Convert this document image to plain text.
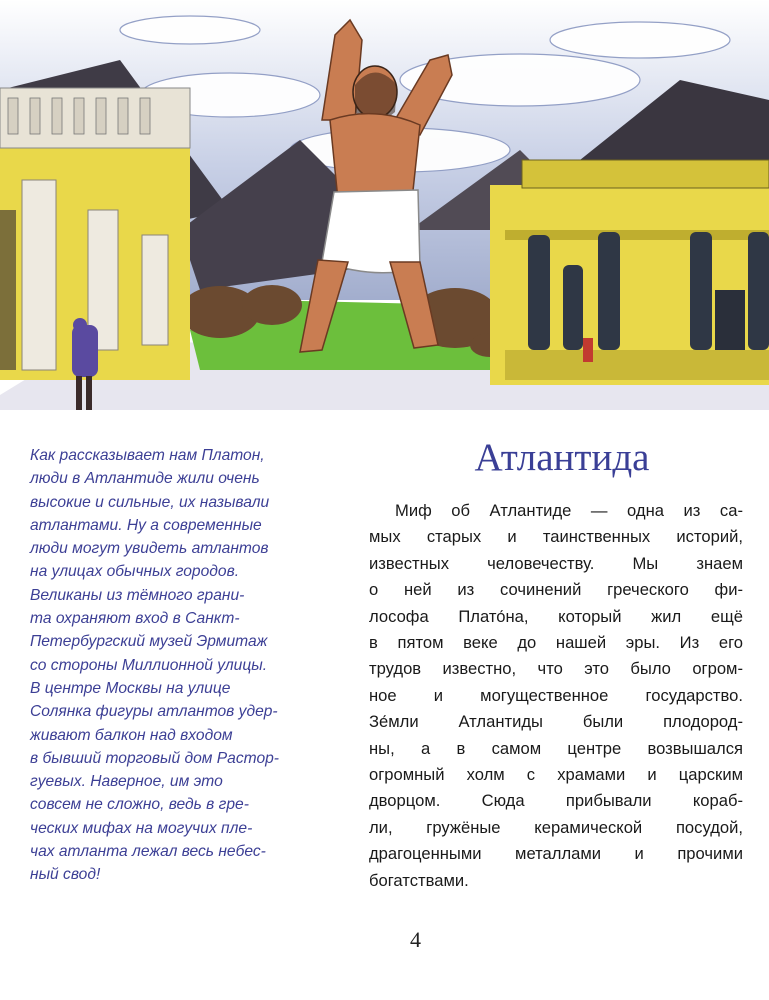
Как рассказывает нам Платон,
люди в Атлантиде жили очень
высокие и сильные, их называли
атлантами. Ну а современные
люди могут увидеть атлантов
на улицах обычных городов.
Великаны из тёмного грани-
та охраняют вход в Санкт-
Петербургский музей Эрмитаж
со стороны Миллионной улицы.
В центре Москвы на улице
Солянка фигуры атлантов удер-
живают балкон над входом
в бывший торговый дом Растор-
гуевых. Наверное, им это
совсем не сложно, ведь в гре-
ческих мифах на могучих пле-
чах атланта лежал весь небес-
ный свод!
Атлантида
Миф об Атлантиде — одна из са-
мых старых и таинственных историй,
известных человечеству. Мы знаем
о ней из сочинений греческого фи-
лософа Плато́на, который жил ещё
в пятом веке до нашей эры. Из его
трудов известно, что это было огром-
ное и могущественное государство.
Зе́мли Атлантиды были плодород-
ны, а в самом центре возвышался
огромный холм с храмами и царским
дворцом. Сюда прибывали кораб-
ли, гружёные керамической посудой,
драгоценными металлами и прочими
богатствами.
4
